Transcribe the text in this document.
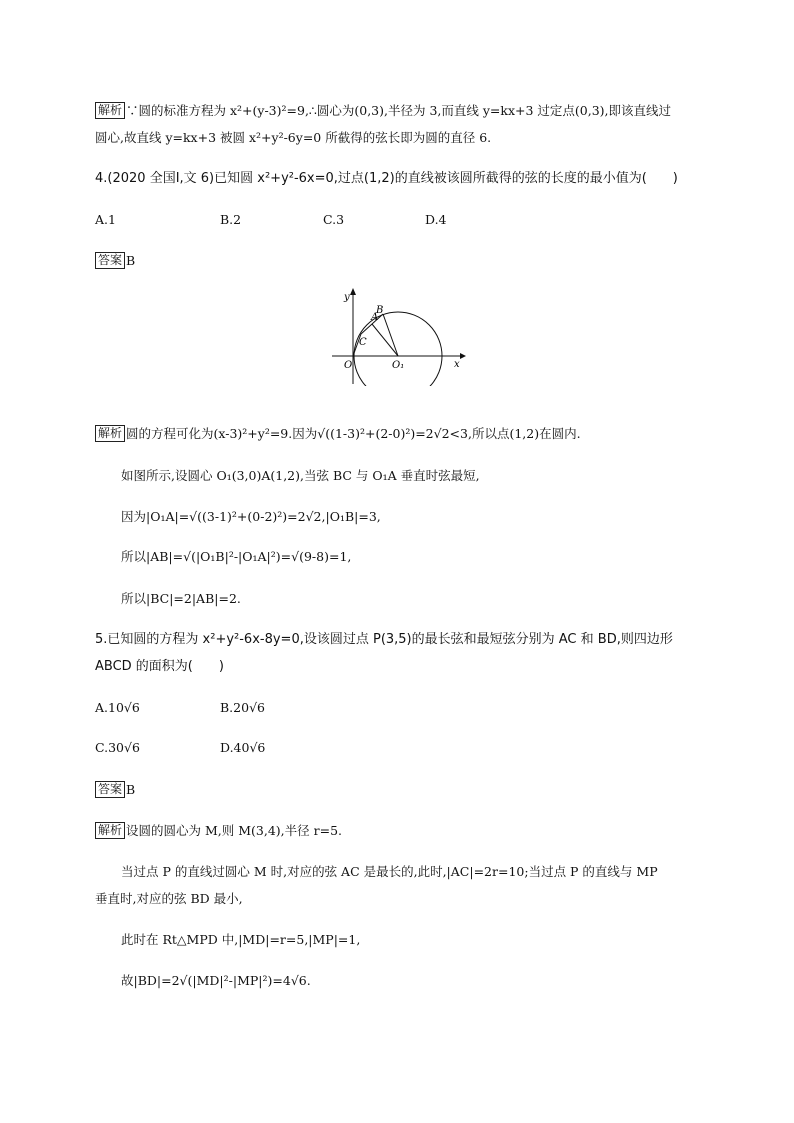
解析 ∵圆的标准方程为 x²+(y-3)²=9,∴圆心为(0,3),半径为 3,而直线 y=kx+3 过定点(0,3),即该直线过
圆心,故直线 y=kx+3 被圆 x²+y²-6y=0 所截得的弦长即为圆的直径 6.
4.(2020 全国Ⅰ,文 6)已知圆 x²+y²-6x=0,过点(1,2)的直线被该圆所截得的弦的长度的最小值为(　　)
A.1	B.2	C.3	D.4
答案 B
y
x
O	O₁
A
B
C
解析 圆的方程可化为(x-3)²+y²=9.因为√((1-3)²+(2-0)²)=2√2<3,所以点(1,2)在圆内.
如图所示,设圆心 O₁(3,0)A(1,2),当弦 BC 与 O₁A 垂直时弦最短,
因为|O₁A|=√((3-1)²+(0-2)²)=2√2,|O₁B|=3,
所以|AB|=√(|O₁B|²-|O₁A|²)=√(9-8)=1,
所以|BC|=2|AB|=2.
5.已知圆的方程为 x²+y²-6x-8y=0,设该圆过点 P(3,5)的最长弦和最短弦分别为 AC 和 BD,则四边形
ABCD 的面积为(　　)
A.10√6	B.20√6
C.30√6	D.40√6
答案 B
解析 设圆的圆心为 M,则 M(3,4),半径 r=5.
当过点 P 的直线过圆心 M 时,对应的弦 AC 是最长的,此时,|AC|=2r=10;当过点 P 的直线与 MP
垂直时,对应的弦 BD 最小,
此时在 Rt△MPD 中,|MD|=r=5,|MP|=1,
故|BD|=2√(|MD|²-|MP|²)=4√6.
